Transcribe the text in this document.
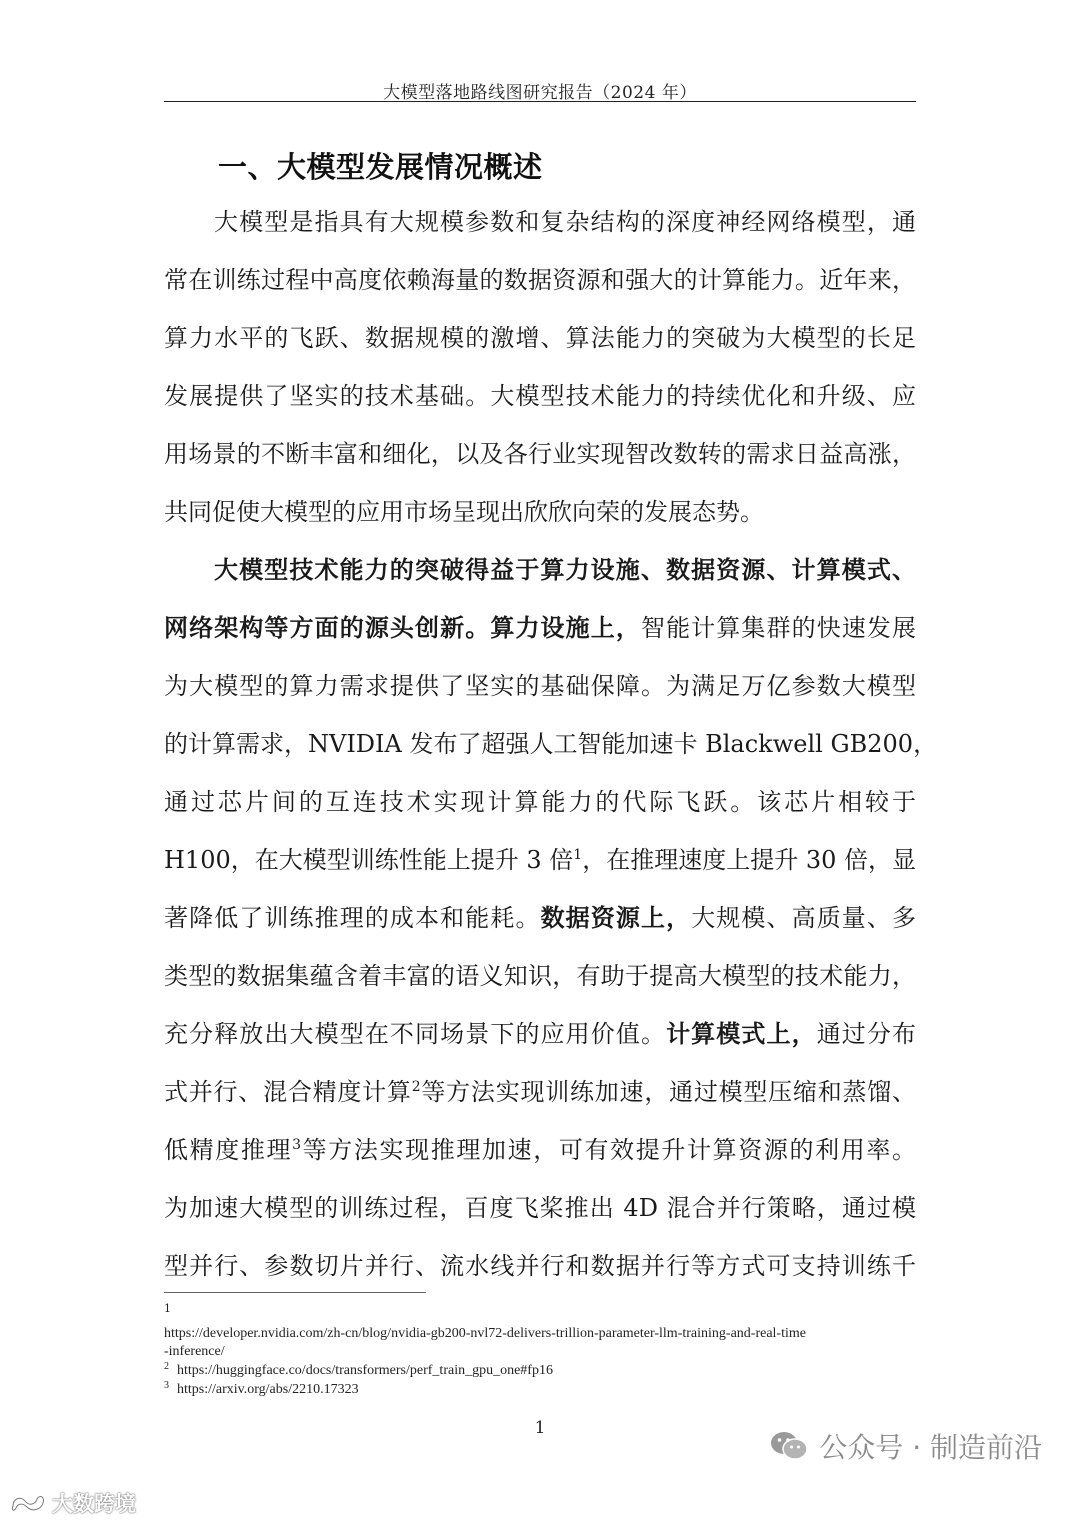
大模型落地路线图研究报告（2024 年）
一、大模型发展情况概述
大模型是指具有大规模参数和复杂结构的深度神经网络模型，通
常在训练过程中高度依赖海量的数据资源和强大的计算能力。近年来，
算力水平的飞跃、数据规模的激增、算法能力的突破为大模型的长足
发展提供了坚实的技术基础。大模型技术能力的持续优化和升级、应
用场景的不断丰富和细化，以及各行业实现智改数转的需求日益高涨，
共同促使大模型的应用市场呈现出欣欣向荣的发展态势。
大模型技术能力的突破得益于算力设施、数据资源、计算模式、
网络架构等方面的源头创新。算力设施上，智能计算集群的快速发展
为大模型的算力需求提供了坚实的基础保障。为满足万亿参数大模型
的计算需求，NVIDIA 发布了超强人工智能加速卡 Blackwell GB200，
通过芯片间的互连技术实现计算能力的代际飞跃。该芯片相较于
H100，在大模型训练性能上提升 3 倍$^1$，在推理速度上提升 30 倍，显
著降低了训练推理的成本和能耗。数据资源上，大规模、高质量、多
类型的数据集蕴含着丰富的语义知识，有助于提高大模型的技术能力，
充分释放出大模型在不同场景下的应用价值。计算模式上，通过分布
式并行、混合精度计算$^2$等方法实现训练加速，通过模型压缩和蒸馏、
低精度推理$^3$等方法实现推理加速，可有效提升计算资源的利用率。
为加速大模型的训练过程，百度飞桨推出 4D 混合并行策略，通过模
型并行、参数切片并行、流水线并行和数据并行等方式可支持训练千
1
https://developer.nvidia.com/zh-cn/blog/nvidia-gb200-nvl72-delivers-trillion-parameter-llm-training-and-real-time
-inference/
$^2$ https://huggingface.co/docs/transformers/perf_train_gpu_one#fp16
$^3$ https://arxiv.org/abs/2210.17323
1
公众号 · 制造前沿
大数跨境
